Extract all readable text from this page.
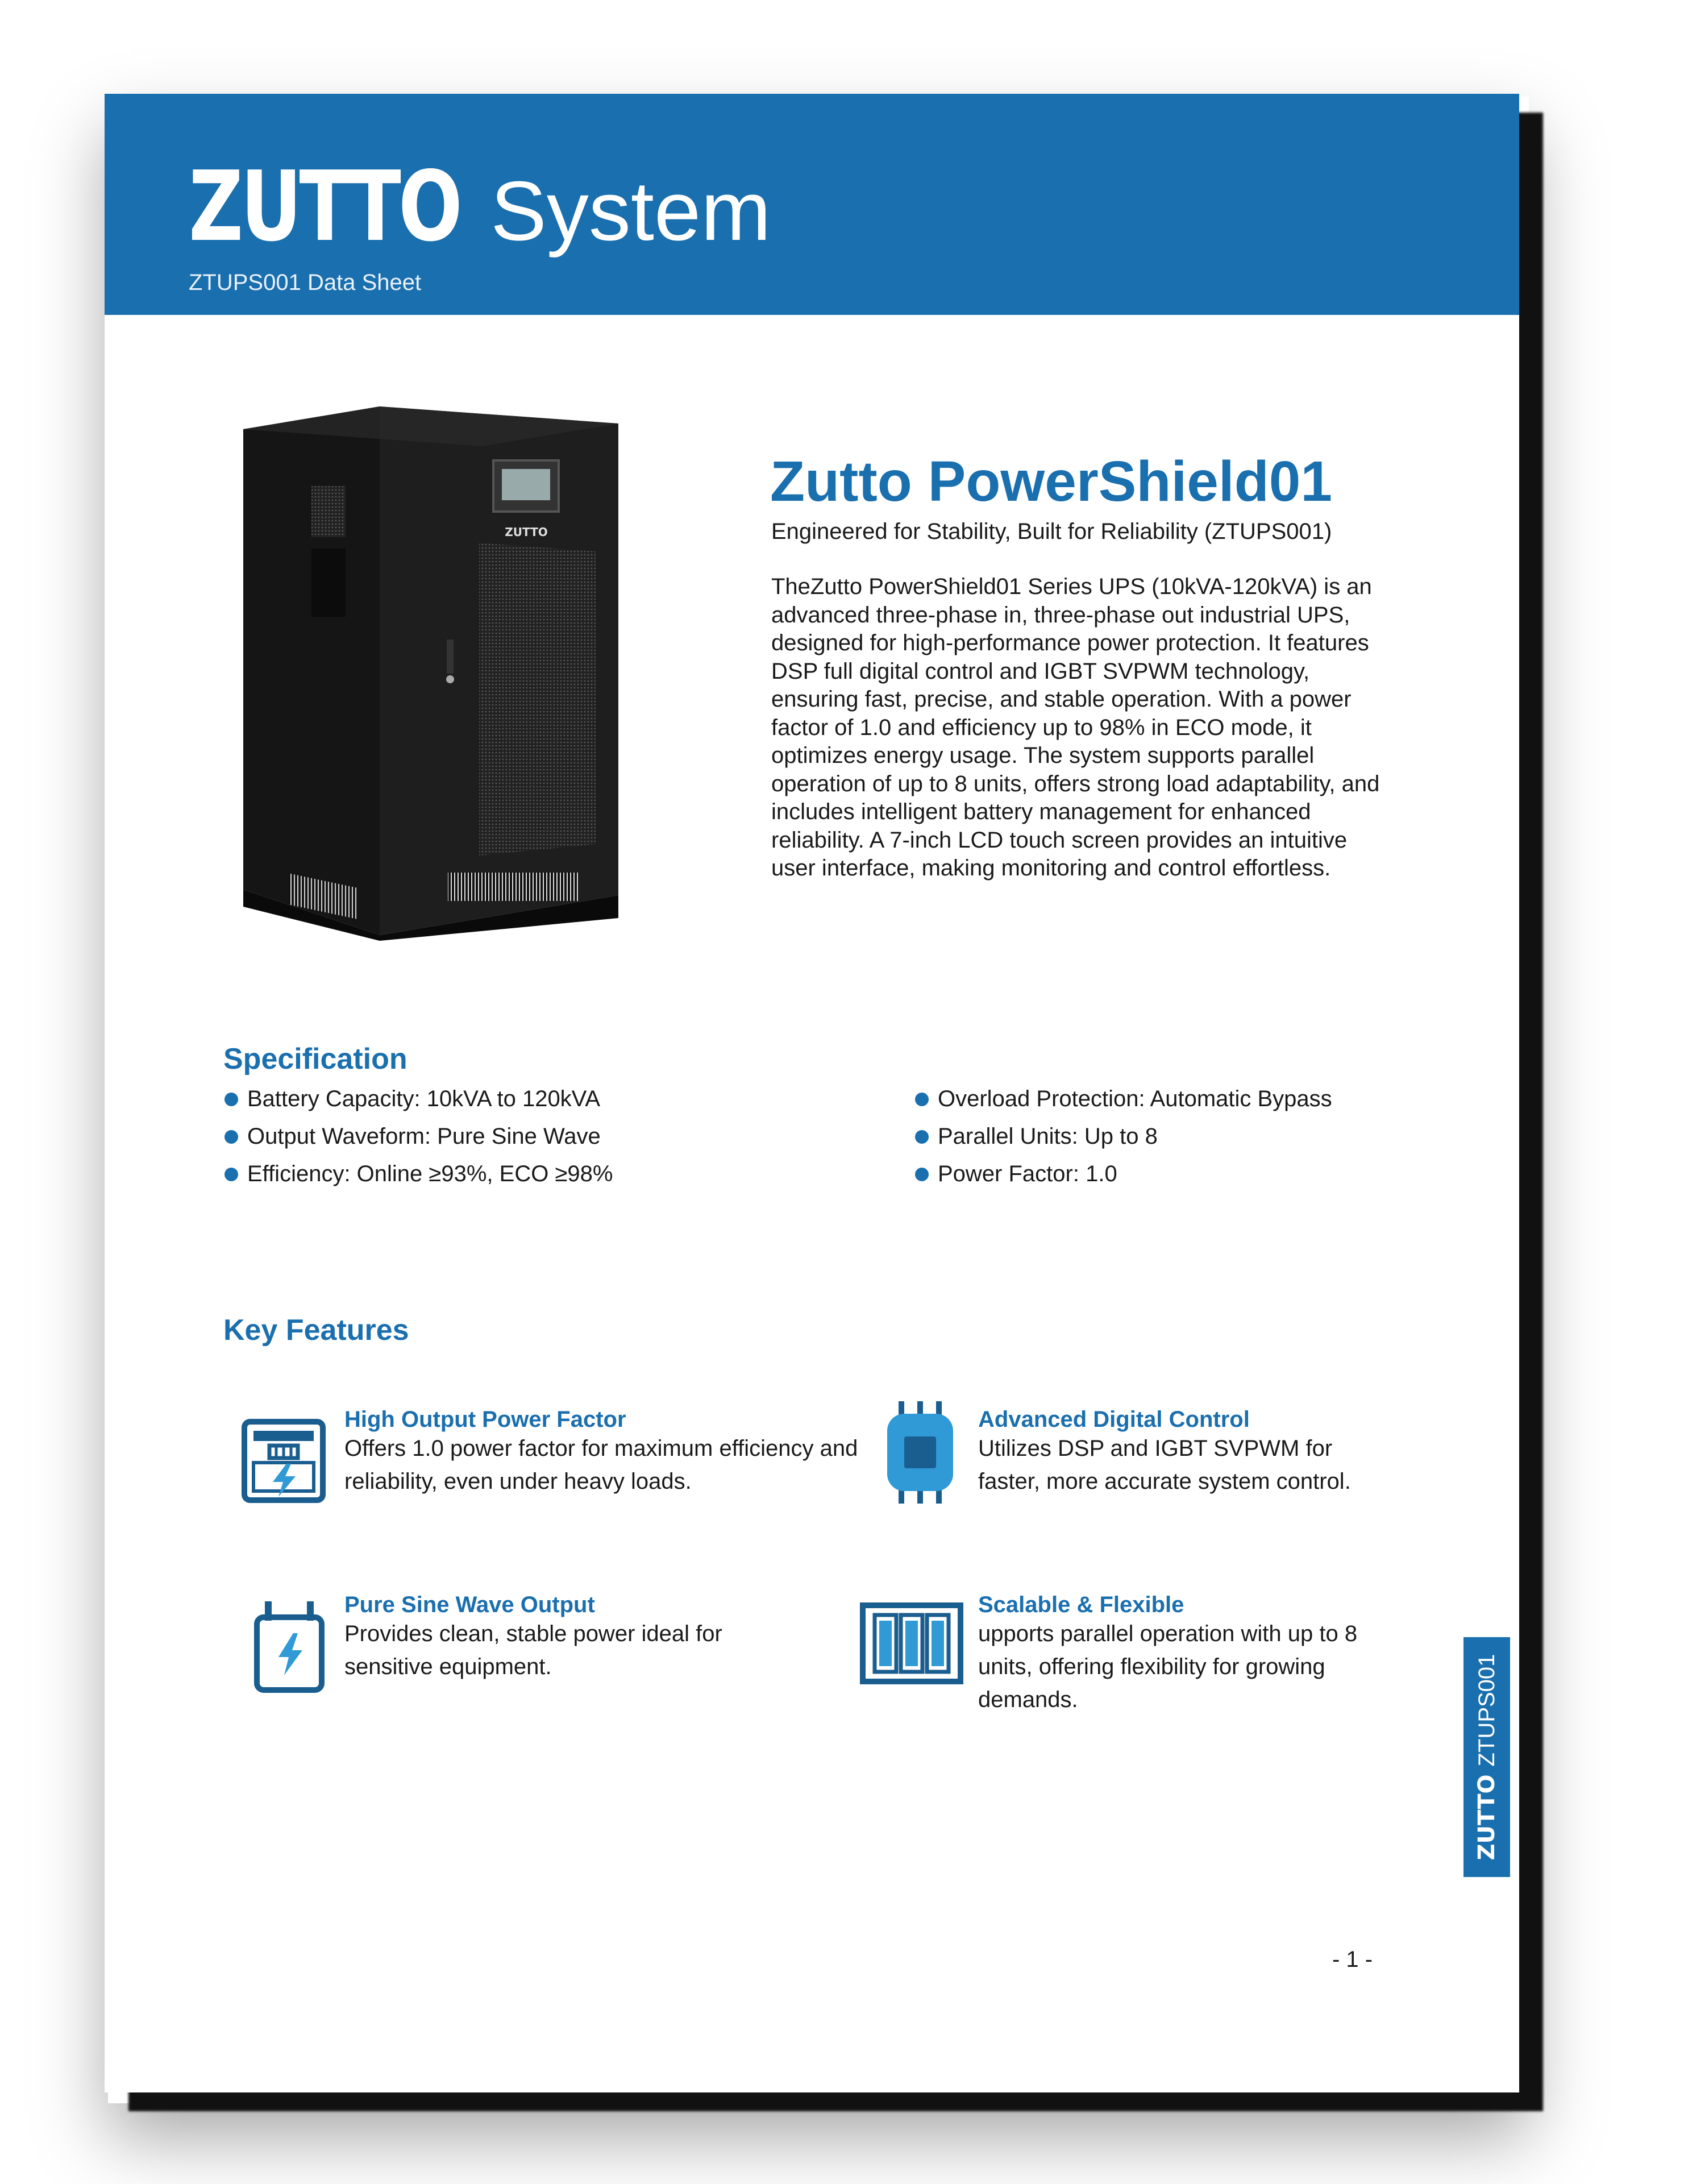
ZUTTO System
ZTUPS001 Data Sheet
ZUTTO
Zutto PowerShield01
Engineered for Stability, Built for Reliability (ZTUPS001)
TheZutto PowerShield01 Series UPS (10kVA-120kVA) is an advanced three-phase in, three-phase out industrial UPS, designed for high-performance power protection. It features DSP full digital control and IGBT SVPWM technology, ensuring fast, precise, and stable operation. With a power factor of 1.0 and efficiency up to 98% in ECO mode, it optimizes energy usage. The system supports parallel operation of up to 8 units, offers strong load adaptability, and includes intelligent battery management for enhanced reliability. A 7-inch LCD touch screen provides an intuitive user interface, making monitoring and control effortless.
Specification
Battery Capacity: 10kVA to 120kVA
Output Waveform: Pure Sine Wave
Efficiency: Online ≥93%, ECO ≥98%
Overload Protection: Automatic Bypass
Parallel Units: Up to 8
Power Factor: 1.0
Key Features
High Output Power Factor
Offers 1.0 power factor for maximum efficiency and reliability, even under heavy loads.
Advanced Digital Control
Utilizes DSP and IGBT SVPWM for faster, more accurate system control.
Pure Sine Wave Output
Provides clean, stable power ideal for sensitive equipment.
Scalable & Flexible
upports parallel operation with up to 8 units, offering flexibility for growing demands.
ZUTTOZTUPS001
- 1 -
